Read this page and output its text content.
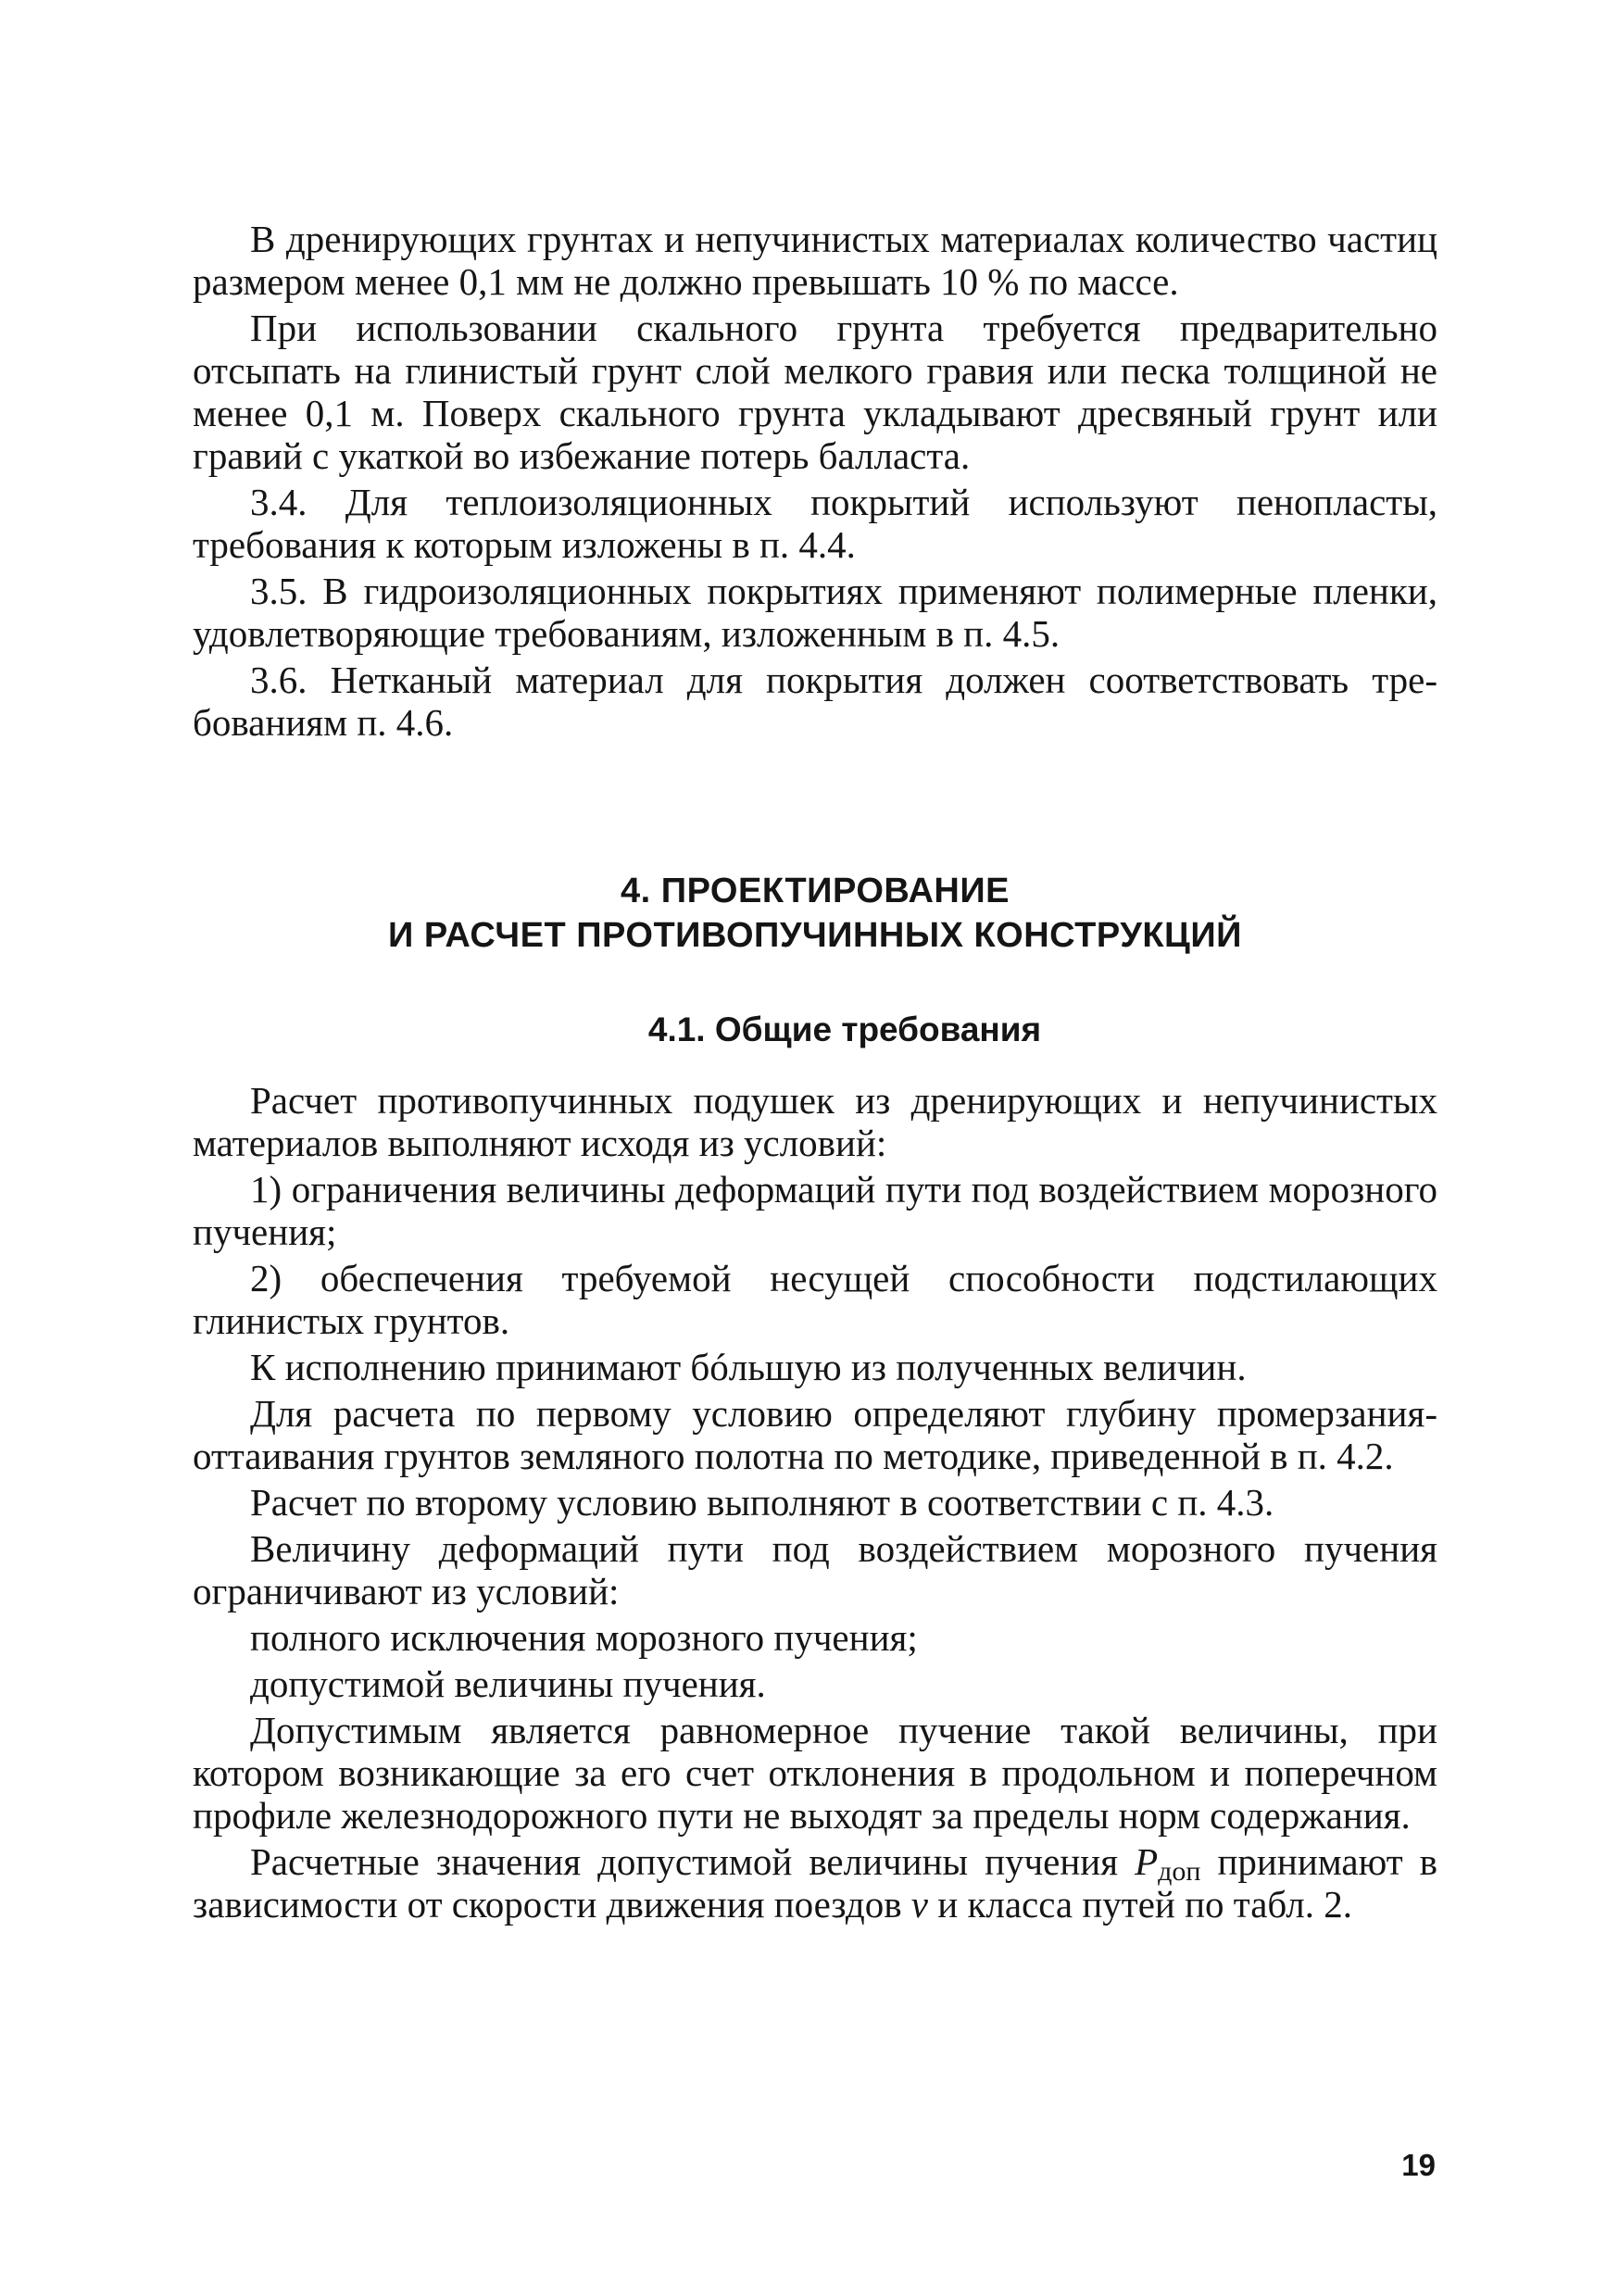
В дренирующих грунтах и непучинистых материалах количество частиц размером менее 0,1 мм не должно превышать 10 % по массе.

При использовании скального грунта требуется предварительно отсыпать на глинистый грунт слой мелкого гравия или песка толщиной не менее 0,1 м. Поверх скального грунта укладывают дресвяный грунт или гравий с укаткой во избежание потерь балласта.

3.4. Для теплоизоляционных покрытий используют пенопласты, требования к которым изложены в п. 4.4.

3.5. В гидроизоляционных покрытиях применяют полимерные пленки, удовлетворяющие требованиям, изложенным в п. 4.5.

3.6. Нетканый материал для покрытия должен соответствовать требованиям п. 4.6.

4. ПРОЕКТИРОВАНИЕ
И РАСЧЕТ ПРОТИВОПУЧИННЫХ КОНСТРУКЦИЙ
4.1. Общие требования

Расчет противопучинных подушек из дренирующих и непучинистых материалов выполняют исходя из условий:

1) ограничения величины деформаций пути под воздействием морозного пучения;

2) обеспечения требуемой несущей способности подстилающих глинистых грунтов.

К исполнению принимают бóльшую из полученных величин.

Для расчета по первому условию определяют глубину промерзания-оттаивания грунтов земляного полотна по методике, приведенной в п. 4.2.

Расчет по второму условию выполняют в соответствии с п. 4.3.

Величину деформаций пути под воздействием морозного пучения ограничивают из условий:

полного исключения морозного пучения;

допустимой величины пучения.

Допустимым является равномерное пучение такой величины, при котором возникающие за его счет отклонения в продольном и поперечном профиле железнодорожного пути не выходят за пределы норм содержания.

Расчетные значения допустимой величины пучения $P_{доп}$ принимают в зависимости от скорости движения поездов v и класса путей по табл. 2.

19
